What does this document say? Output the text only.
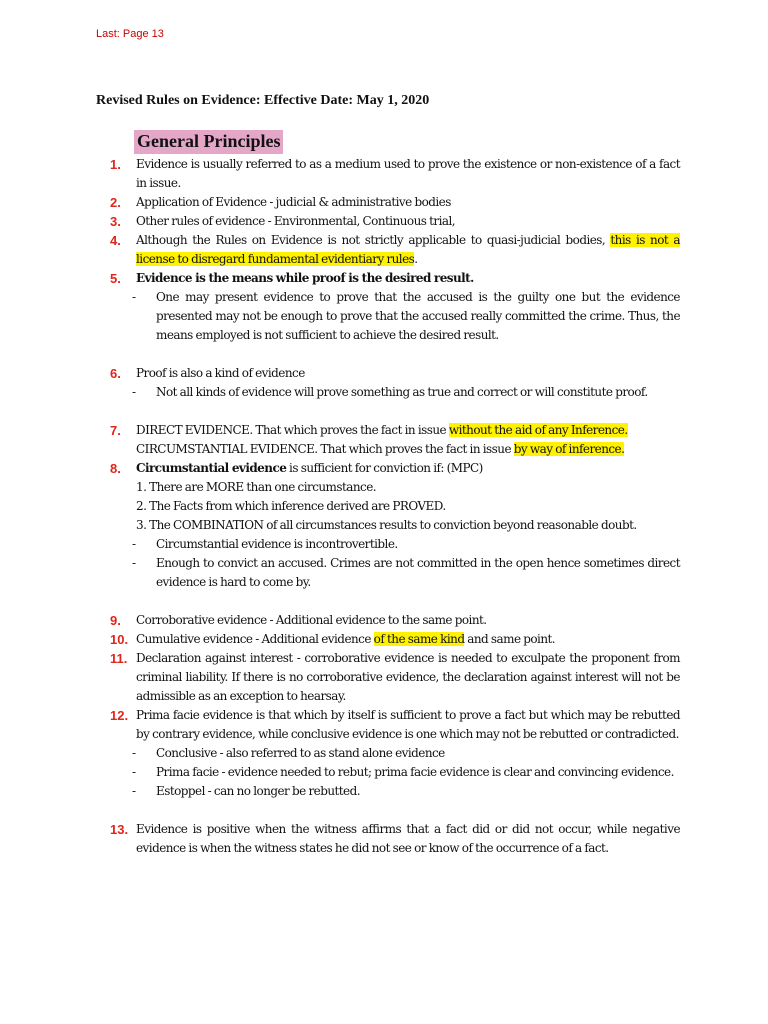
Last: Page 13
Revised Rules on Evidence: Effective Date: May 1, 2020
General Principles
1.	Evidence is usually referred to as a medium used to prove the existence or non-existence of a fact in issue.
2.	Application of Evidence - judicial & administrative bodies
3.	Other rules of evidence - Environmental, Continuous trial,
4.	Although the Rules on Evidence is not strictly applicable to quasi-judicial bodies, this is not a license to disregard fundamental evidentiary rules.
5.	Evidence is the means while proof is the desired result.
- One may present evidence to prove that the accused is the guilty one but the evidence presented may not be enough to prove that the accused really committed the crime. Thus, the means employed is not sufficient to achieve the desired result.
6.	Proof is also a kind of evidence
- Not all kinds of evidence will prove something as true and correct or will constitute proof.
7.	DIRECT EVIDENCE. That which proves the fact in issue without the aid of any Inference.
CIRCUMSTANTIAL EVIDENCE. That which proves the fact in issue by way of inference.
8.	Circumstantial evidence is sufficient for conviction if: (MPC)
1. There are MORE than one circumstance.
2. The Facts from which inference derived are PROVED.
3. The COMBINATION of all circumstances results to conviction beyond reasonable doubt.
- Circumstantial evidence is incontrovertible.
- Enough to convict an accused. Crimes are not committed in the open hence sometimes direct evidence is hard to come by.
9.	Corroborative evidence - Additional evidence to the same point.
10. Cumulative evidence - Additional evidence of the same kind and same point.
11. Declaration against interest - corroborative evidence is needed to exculpate the proponent from criminal liability. If there is no corroborative evidence, the declaration against interest will not be admissible as an exception to hearsay.
12. Prima facie evidence is that which by itself is sufficient to prove a fact but which may be rebutted by contrary evidence, while conclusive evidence is one which may not be rebutted or contradicted.
- Conclusive - also referred to as stand alone evidence
- Prima facie - evidence needed to rebut; prima facie evidence is clear and convincing evidence.
- Estoppel - can no longer be rebutted.
13. Evidence is positive when the witness affirms that a fact did or did not occur, while negative evidence is when the witness states he did not see or know of the occurrence of a fact.
